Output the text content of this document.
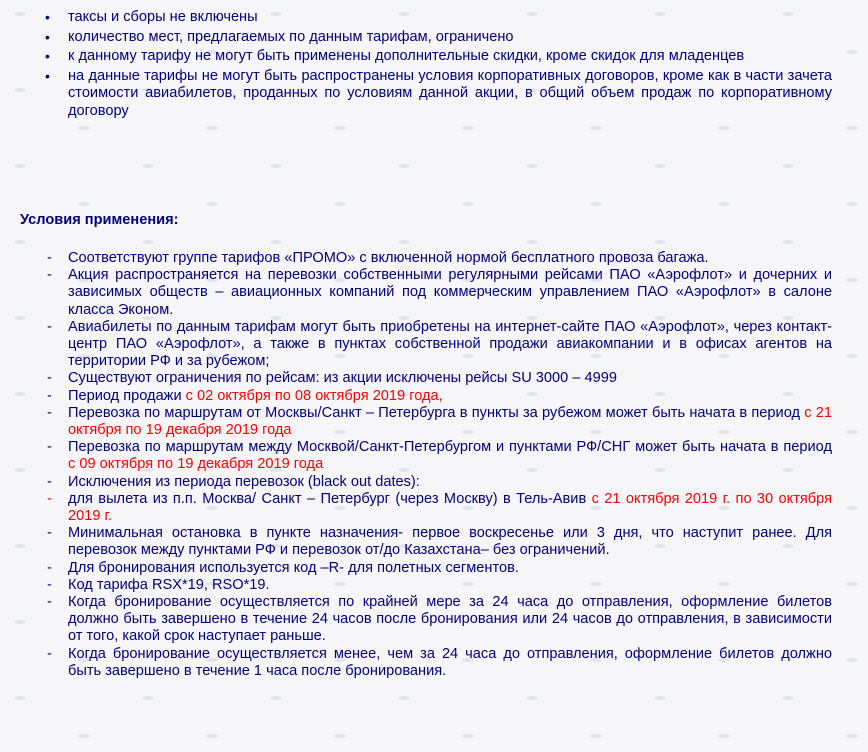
• таксы и сборы не включены
• количество мест, предлагаемых по данным тарифам, ограничено
• к данному тарифу не могут быть применены дополнительные скидки, кроме скидок для младенцев
• на данные тарифы не могут быть распространены условия корпоративных договоров, кроме как в части зачета стоимости авиабилетов, проданных по условиям данной акции, в общий объем продаж по корпоративному договору

Условия применения:

- Соответствуют группе тарифов «ПРОМО» с включенной нормой бесплатного провоза багажа.
- Акция распространяется на перевозки собственными регулярными рейсами ПАО «Аэрофлот» и дочерних и зависимых обществ – авиационных компаний под коммерческим управлением ПАО «Аэрофлот» в салоне класса Эконом.
- Авиабилеты по данным тарифам могут быть приобретены на интернет-сайте ПАО «Аэрофлот», через контакт-центр ПАО «Аэрофлот», а также в пунктах собственной продажи авиакомпании и в офисах агентов на территории РФ и за рубежом;
- Существуют ограничения по рейсам: из акции исключены рейсы SU 3000 – 4999
- Период продажи с 02 октября по 08 октября 2019 года,
- Перевозка по маршрутам от Москвы/Санкт – Петербурга в пункты за рубежом может быть начата в период с 21 октября по 19 декабря 2019 года
- Перевозка по маршрутам между Москвой/Санкт-Петербургом и пунктами РФ/СНГ может быть начата в период с 09 октября по 19 декабря 2019 года
- Исключения из периода перевозок (black out dates):
- для вылета из п.п. Москва/ Санкт – Петербург (через Москву) в Тель-Авив с 21 октября 2019 г. по 30 октября 2019 г.
- Минимальная остановка в пункте назначения- первое воскресенье или 3 дня, что наступит ранее. Для перевозок между пунктами РФ и перевозок от/до Казахстана– без ограничений.
- Для бронирования используется код –R- для полетных сегментов.
- Код тарифа RSX*19, RSO*19.
- Когда бронирование осуществляется по крайней мере за 24 часа до отправления, оформление билетов должно быть завершено в течение 24 часов после бронирования или 24 часов до отправления, в зависимости от того, какой срок наступает раньше.
- Когда бронирование осуществляется менее, чем за 24 часа до отправления, оформление билетов должно быть завершено в течение 1 часа после бронирования.
